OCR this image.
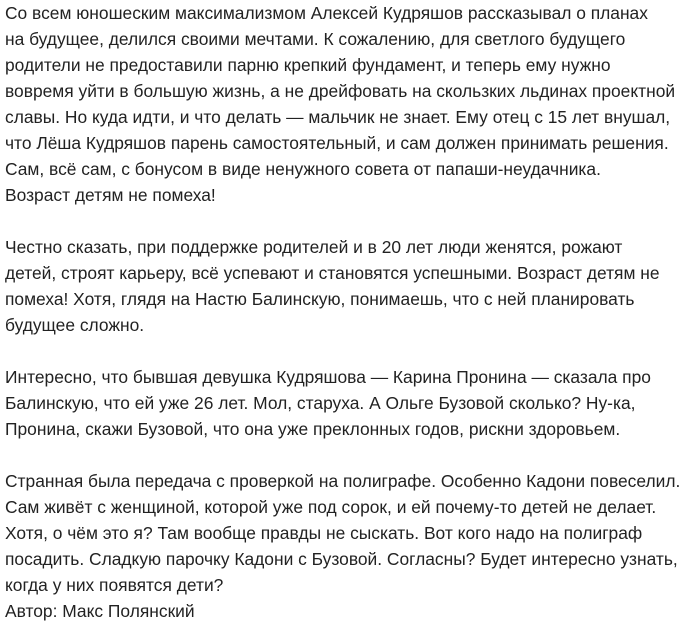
Со всем юношеским максимализмом Алексей Кудряшов рассказывал о планах
на будущее, делился своими мечтами. К сожалению, для светлого будущего
родители не предоставили парню крепкий фундамент, и теперь ему нужно
вовремя уйти в большую жизнь, а не дрейфовать на скользких льдинах проектной
славы. Но куда идти, и что делать — мальчик не знает. Ему отец с 15 лет внушал,
что Лёша Кудряшов парень самостоятельный, и сам должен принимать решения.
Сам, всё сам, с бонусом в виде ненужного совета от папаши-неудачника.
Возраст детям не помеха!
Честно сказать, при поддержке родителей и в 20 лет люди женятся, рожают
детей, строят карьеру, всё успевают и становятся успешными. Возраст детям не
помеха! Хотя, глядя на Настю Балинскую, понимаешь, что с ней планировать
будущее сложно.
Интересно, что бывшая девушка Кудряшова — Карина Пронина — сказала про
Балинскую, что ей уже 26 лет. Мол, старуха. А Ольге Бузовой сколько? Ну-ка,
Пронина, скажи Бузовой, что она уже преклонных годов, рискни здоровьем.
Странная была передача с проверкой на полиграфе. Особенно Кадони повеселил.
Сам живёт с женщиной, которой уже под сорок, и ей почему-то детей не делает.
Хотя, о чём это я? Там вообще правды не сыскать. Вот кого надо на полиграф
посадить. Сладкую парочку Кадони с Бузовой. Согласны? Будет интересно узнать,
когда у них появятся дети?
Автор: Макс Полянский
